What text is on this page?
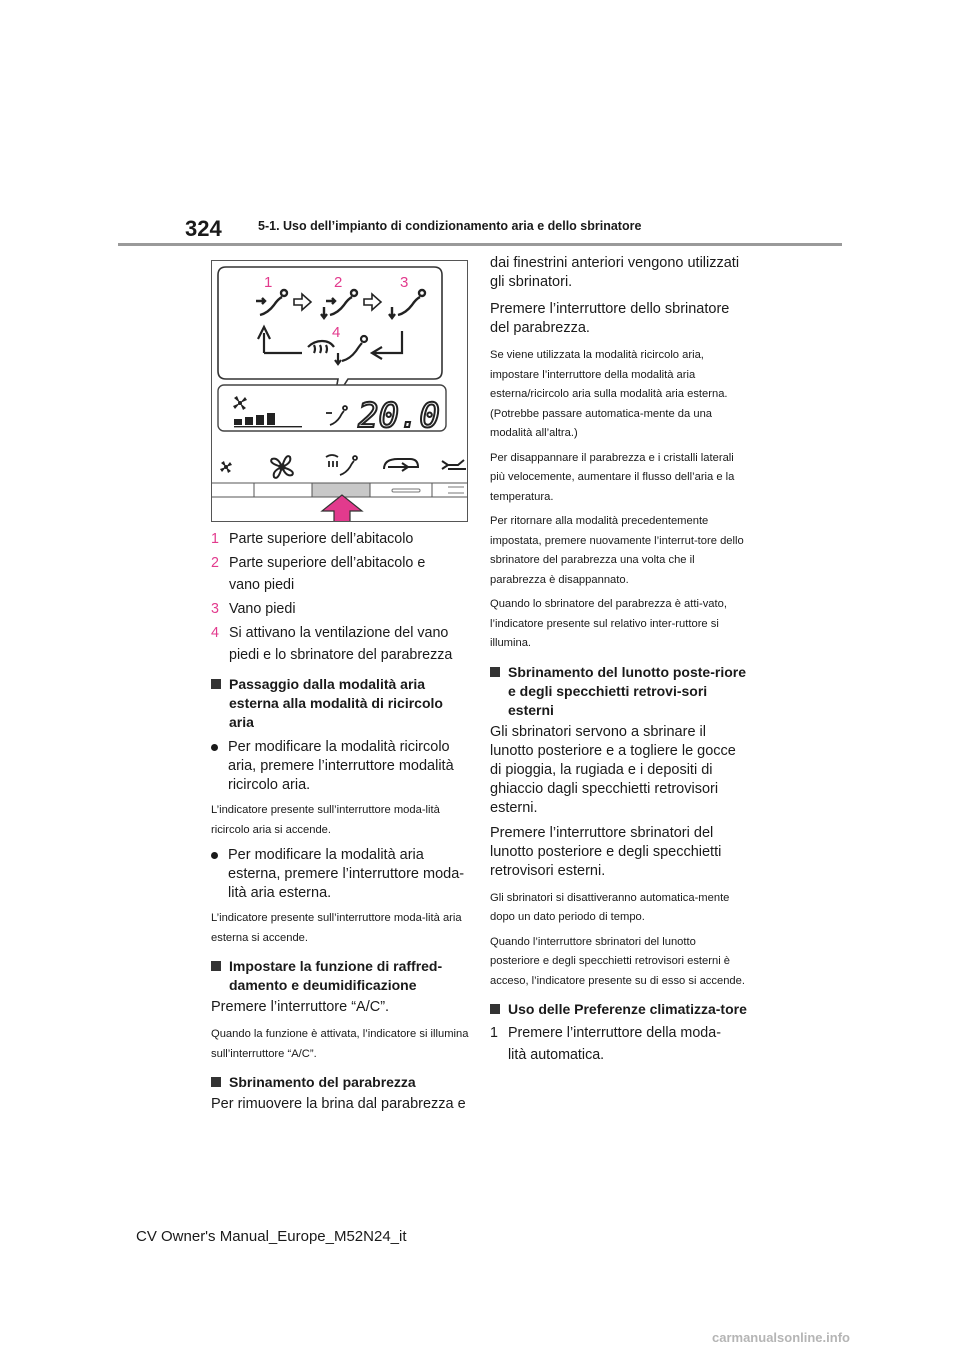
324	5-1. Uso dell’impianto di condizionamento aria e dello sbrinatore
1	2	3
4
20.0
1 Parte superiore dell’abitacolo
2 Parte superiore dell’abitacolo e
vano piedi
3 Vano piedi
4 Si attivano la ventilazione del vano
piedi e lo sbrinatore del parabrezza
Passaggio dalla modalità aria esterna alla modalità di ricircolo aria
Per modificare la modalità ricircolo aria, premere l’interruttore modalità ricircolo aria.

L’indicatore presente sull’interruttore moda-lità ricircolo aria si accende.

Per modificare la modalità aria esterna, premere l’interruttore moda-lità aria esterna.

L’indicatore presente sull’interruttore moda-lità aria esterna si accende.

Impostare la funzione di raffred-damento e deumidificazione

Premere l’interruttore “A/C”.

Quando la funzione è attivata, l’indicatore si illumina sull’interruttore “A/C”.

Sbrinamento del parabrezza

Per rimuovere la brina dal parabrezza e

dai finestrini anteriori vengono utilizzati gli sbrinatori.

Premere l’interruttore dello sbrinatore del parabrezza.

Se viene utilizzata la modalità ricircolo aria, impostare l’interruttore della modalità aria esterna/ricircolo aria sulla modalità aria esterna. (Potrebbe passare automatica-mente da una modalità all’altra.)

Per disappannare il parabrezza e i cristalli laterali più velocemente, aumentare il flusso dell’aria e la temperatura.

Per ritornare alla modalità precedentemente impostata, premere nuovamente l’interrut-tore dello sbrinatore del parabrezza una volta che il parabrezza è disappannato.

Quando lo sbrinatore del parabrezza è atti-vato, l’indicatore presente sul relativo inter-ruttore si illumina.

Sbrinamento del lunotto poste-riore e degli specchietti retrovi-sori esterni

Gli sbrinatori servono a sbrinare il lunotto posteriore e a togliere le gocce di pioggia, la rugiada e i depositi di ghiaccio dagli specchietti retrovisori esterni.

Premere l’interruttore sbrinatori del lunotto posteriore e degli specchietti retrovisori esterni.

Gli sbrinatori si disattiveranno automatica-mente dopo un dato periodo di tempo.

Quando l’interruttore sbrinatori del lunotto posteriore e degli specchietti retrovisori esterni è acceso, l’indicatore presente su di esso si accende.

Uso delle Preferenze climatizza-tore
1 Premere l’interruttore della moda-
lità automatica.
CV Owner's Manual_Europe_M52N24_it
carmanualsonline.info
